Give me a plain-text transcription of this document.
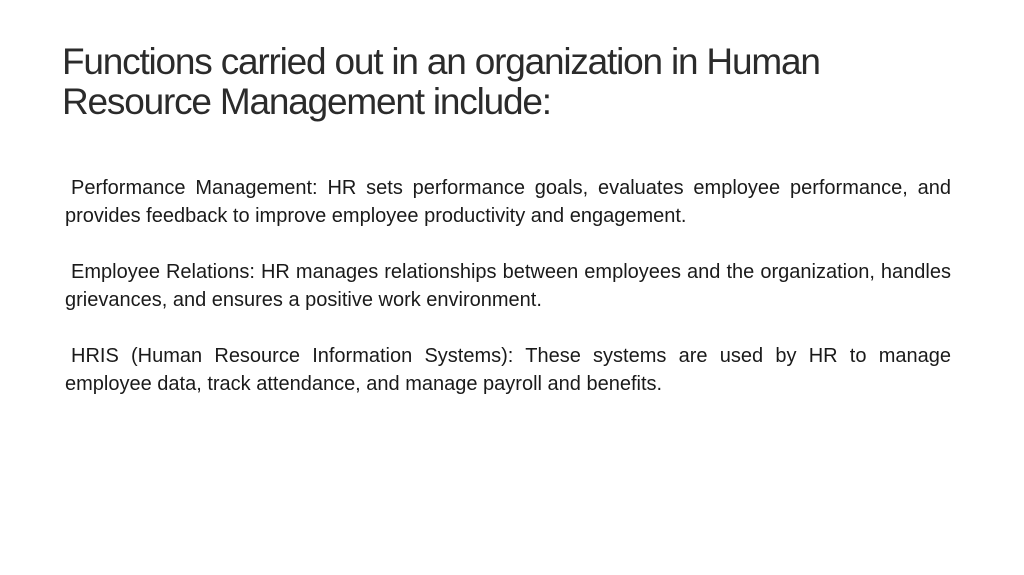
Functions carried out in an organization in Human
Resource Management include:

Performance Management: HR sets performance goals, evaluates employee performance, and provides feedback to improve employee productivity and engagement.

Employee Relations: HR manages relationships between employees and the organization, handles grievances, and ensures a positive work environment.

HRIS (Human Resource Information Systems): These systems are used by HR to manage employee data, track attendance, and manage payroll and benefits.
